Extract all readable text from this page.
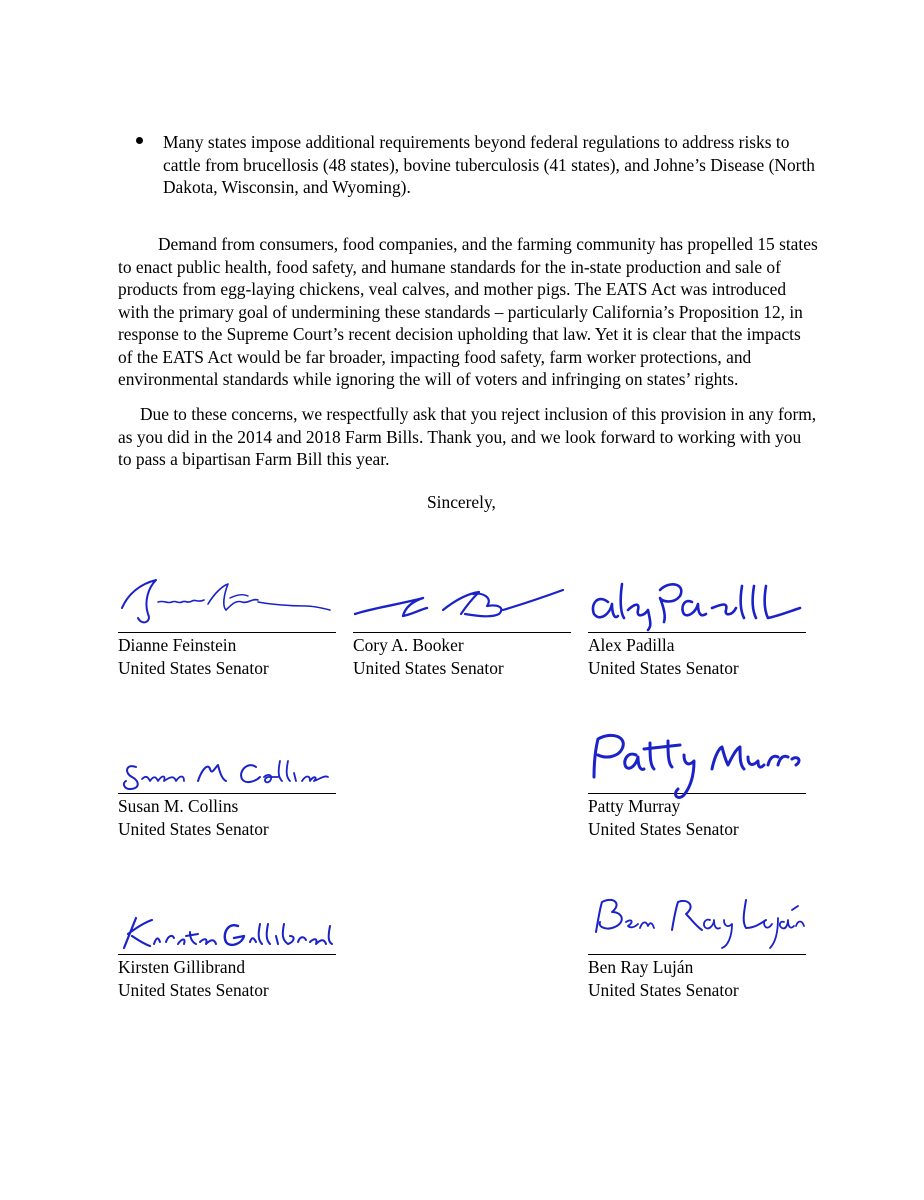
Many states impose additional requirements beyond federal regulations to address risks to cattle from brucellosis (48 states), bovine tuberculosis (41 states), and Johne’s Disease (North Dakota, Wisconsin, and Wyoming).

Demand from consumers, food companies, and the farming community has propelled 15 states to enact public health, food safety, and humane standards for the in-state production and sale of products from egg-laying chickens, veal calves, and mother pigs. The EATS Act was introduced with the primary goal of undermining these standards – particularly California’s Proposition 12, in response to the Supreme Court’s recent decision upholding that law. Yet it is clear that the impacts of the EATS Act would be far broader, impacting food safety, farm worker protections, and environmental standards while ignoring the will of voters and infringing on states’ rights.

Due to these concerns, we respectfully ask that you reject inclusion of this provision in any form, as you did in the 2014 and 2018 Farm Bills. Thank you, and we look forward to working with you to pass a bipartisan Farm Bill this year.

Sincerely,
Dianne Feinstein
United States Senator
Cory A. Booker
United States Senator
Alex Padilla
United States Senator
Susan M. Collins
United States Senator
Patty Murray
United States Senator
Kirsten Gillibrand
United States Senator
Ben Ray Luján
United States Senator
